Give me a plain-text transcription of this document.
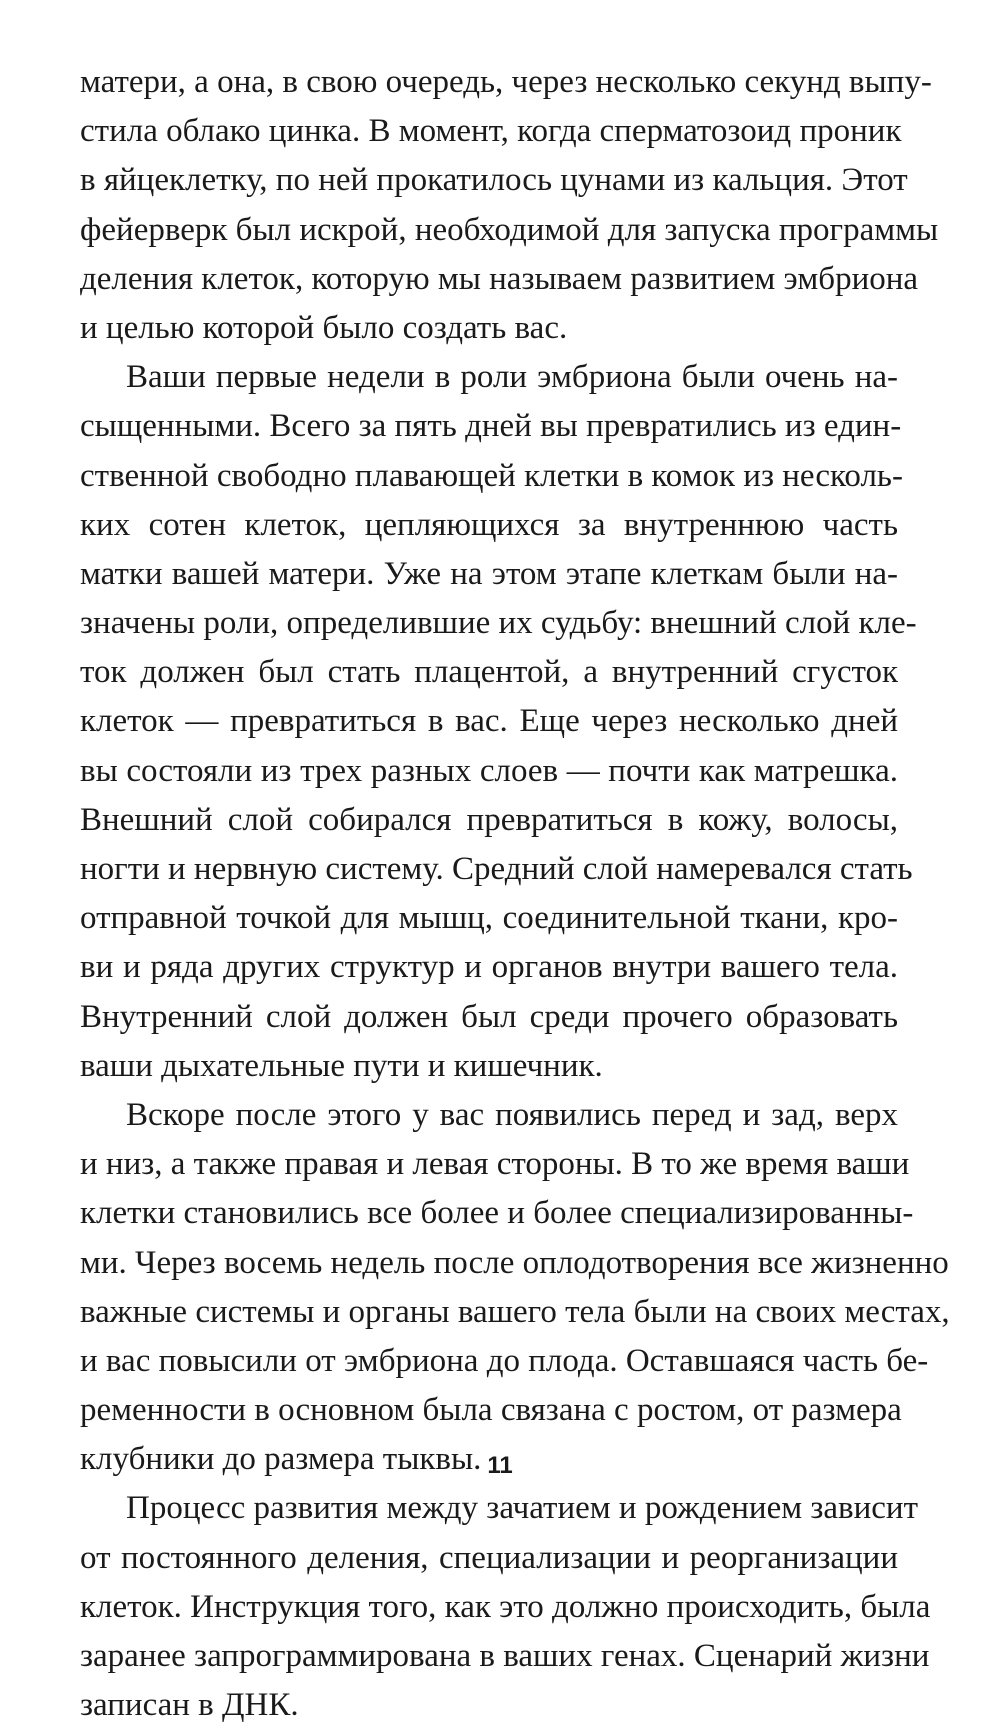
матери, а она, в свою очередь, через несколько секунд выпу-
стила облако цинка. В момент, когда сперматозоид проник
в яйцеклетку, по ней прокатилось цунами из кальция. Этот
фейерверк был искрой, необходимой для запуска программы
деления клеток, которую мы называем развитием эмбриона
и целью которой было создать вас.

Ваши первые недели в роли эмбриона были очень на-
сыщенными. Всего за пять дней вы превратились из един-
ственной свободно плавающей клетки в комок из несколь-
ких сотен клеток, цепляющихся за внутреннюю часть
матки вашей матери. Уже на этом этапе клеткам были на-
значены роли, определившие их судьбу: внешний слой кле-
ток должен был стать плацентой, а внутренний сгусток
клеток — превратиться в вас. Еще через несколько дней
вы состояли из трех разных слоев — почти как матрешка.
Внешний слой собирался превратиться в кожу, волосы,
ногти и нервную систему. Средний слой намеревался стать
отправной точкой для мышц, соединительной ткани, кро-
ви и ряда других структур и органов внутри вашего тела.
Внутренний слой должен был среди прочего образовать
ваши дыхательные пути и кишечник.

Вскоре после этого у вас появились перед и зад, верх
и низ, а также правая и левая стороны. В то же время ваши
клетки становились все более и более специализированны-
ми. Через восемь недель после оплодотворения все жизненно
важные системы и органы вашего тела были на своих местах,
и вас повысили от эмбриона до плода. Оставшаяся часть бе-
ременности в основном была связана с ростом, от размера
клубники до размера тыквы.

Процесс развития между зачатием и рождением зависит
от постоянного деления, специализации и реорганизации
клеток. Инструкция того, как это должно происходить, была
заранее запрограммирована в ваших генах. Сценарий жизни
записан в ДНК.

11
